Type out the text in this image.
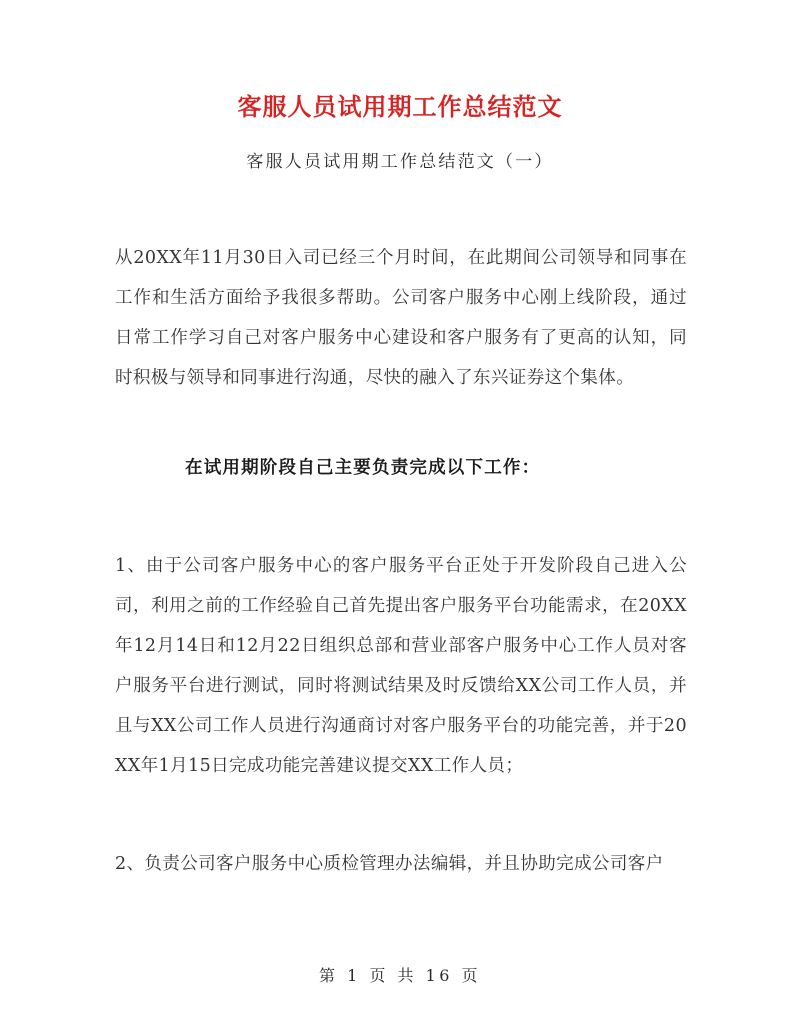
客服人员试用期工作总结范文
客服人员试用期工作总结范文（一）

从20XX年11月30日入司已经三个月时间，在此期间公司领导和同事在工作和生活方面给予我很多帮助。公司客户服务中心刚上线阶段，通过日常工作学习自己对客户服务中心建设和客户服务有了更高的认知，同时积极与领导和同事进行沟通，尽快的融入了东兴证券这个集体。

在试用期阶段自己主要负责完成以下工作：

1、由于公司客户服务中心的客户服务平台正处于开发阶段自己进入公司，利用之前的工作经验自己首先提出客户服务平台功能需求，在20XX年12月14日和12月22日组织总部和营业部客户服务中心工作人员对客户服务平台进行测试，同时将测试结果及时反馈给XX公司工作人员，并且与XX公司工作人员进行沟通商讨对客户服务平台的功能完善，并于20XX年1月15日完成功能完善建议提交XX工作人员；

2、负责公司客户服务中心质检管理办法编辑，并且协助完成公司客户

第 1 页 共 16 页
